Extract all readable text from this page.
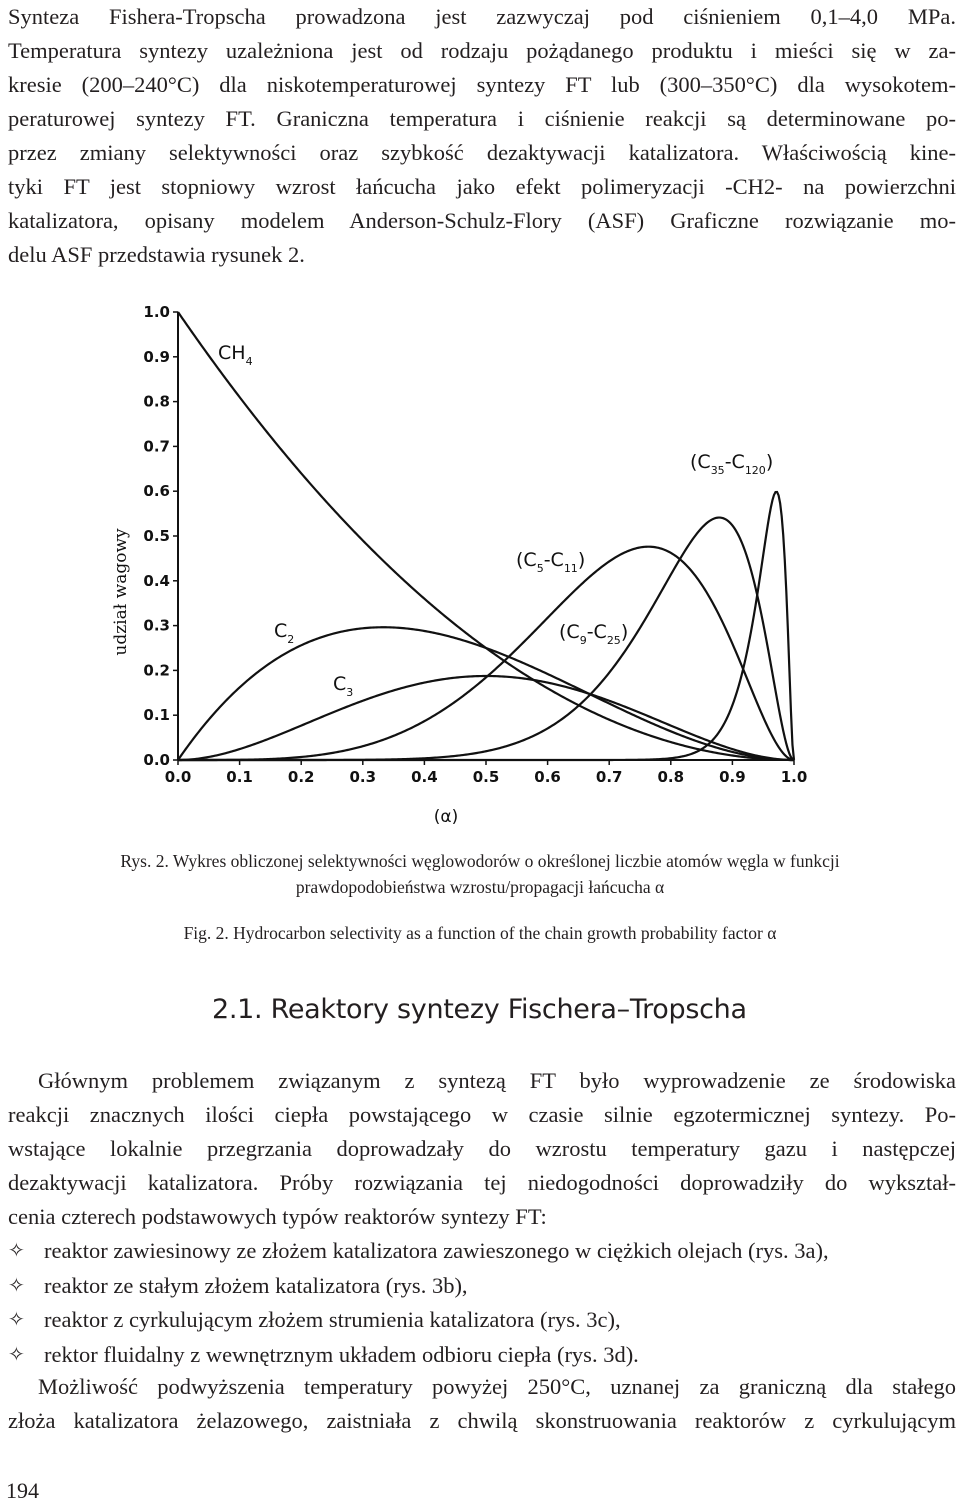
Synteza Fishera-Tropscha prowadzona jest zazwyczaj pod ciśnieniem 0,1–4,0 MPa.
Temperatura syntezy uzależniona jest od rodzaju pożądanego produktu i mieści się w za-
kresie (200–240°C) dla niskotemperaturowej syntezy FT lub (300–350°C) dla wysokotem-
peraturowej syntezy FT. Graniczna temperatura i ciśnienie reakcji są determinowane po-
przez zmiany selektywności oraz szybkość dezaktywacji katalizatora. Właściwością kine-
tyki FT jest stopniowy wzrost łańcucha jako efekt polimeryzacji -CH2- na powierzchni
katalizatora, opisany modelem Anderson-Schulz-Flory (ASF) Graficzne rozwiązanie mo-
delu ASF przedstawia rysunek 2.

0.0 0.1 0.2 0.3 0.4 0.5 0.6 0.7 0.8 0.9 1.0
0.0
0.1
0.2
0.3
0.4
0.5
0.6
0.7
0.8
0.9
1.0
$CH_4$
$C_2$
$C_3$
$(C_5-C_{11})$
$(C_9-C_{25})$
$(C_{35}-C_{120})$
udział wagowy
(α)
Rys. 2. Wykres obliczonej selektywności węglowodorów o określonej liczbie atomów węgla w funkcji
prawdopodobieństwa wzrostu/propagacji łańcucha α
Fig. 2. Hydrocarbon selectivity as a function of the chain growth probability factor α
2.1. Reaktory syntezy Fischera–Tropscha

Głównym problemem związanym z syntezą FT było wyprowadzenie ze środowiska
reakcji znacznych ilości ciepła powstającego w czasie silnie egzotermicznej syntezy. Po-
wstające lokalnie przegrzania doprowadzały do wzrostu temperatury gazu i następczej
dezaktywacji katalizatora. Próby rozwiązania tej niedogodności doprowadziły do wykształ-
cenia czterech podstawowych typów reaktorów syntezy FT:

✧ reaktor zawiesinowy ze złożem katalizatora zawieszonego w ciężkich olejach (rys. 3a),
✧ reaktor ze stałym złożem katalizatora (rys. 3b),
✧ reaktor z cyrkulującym złożem strumienia katalizatora (rys. 3c),
✧ rektor fluidalny z wewnętrznym układem odbioru ciepła (rys. 3d).

Możliwość podwyższenia temperatury powyżej 250°C, uznanej za graniczną dla stałego
złoża katalizatora żelazowego, zaistniała z chwilą skonstruowania reaktorów z cyrkulującym

194
